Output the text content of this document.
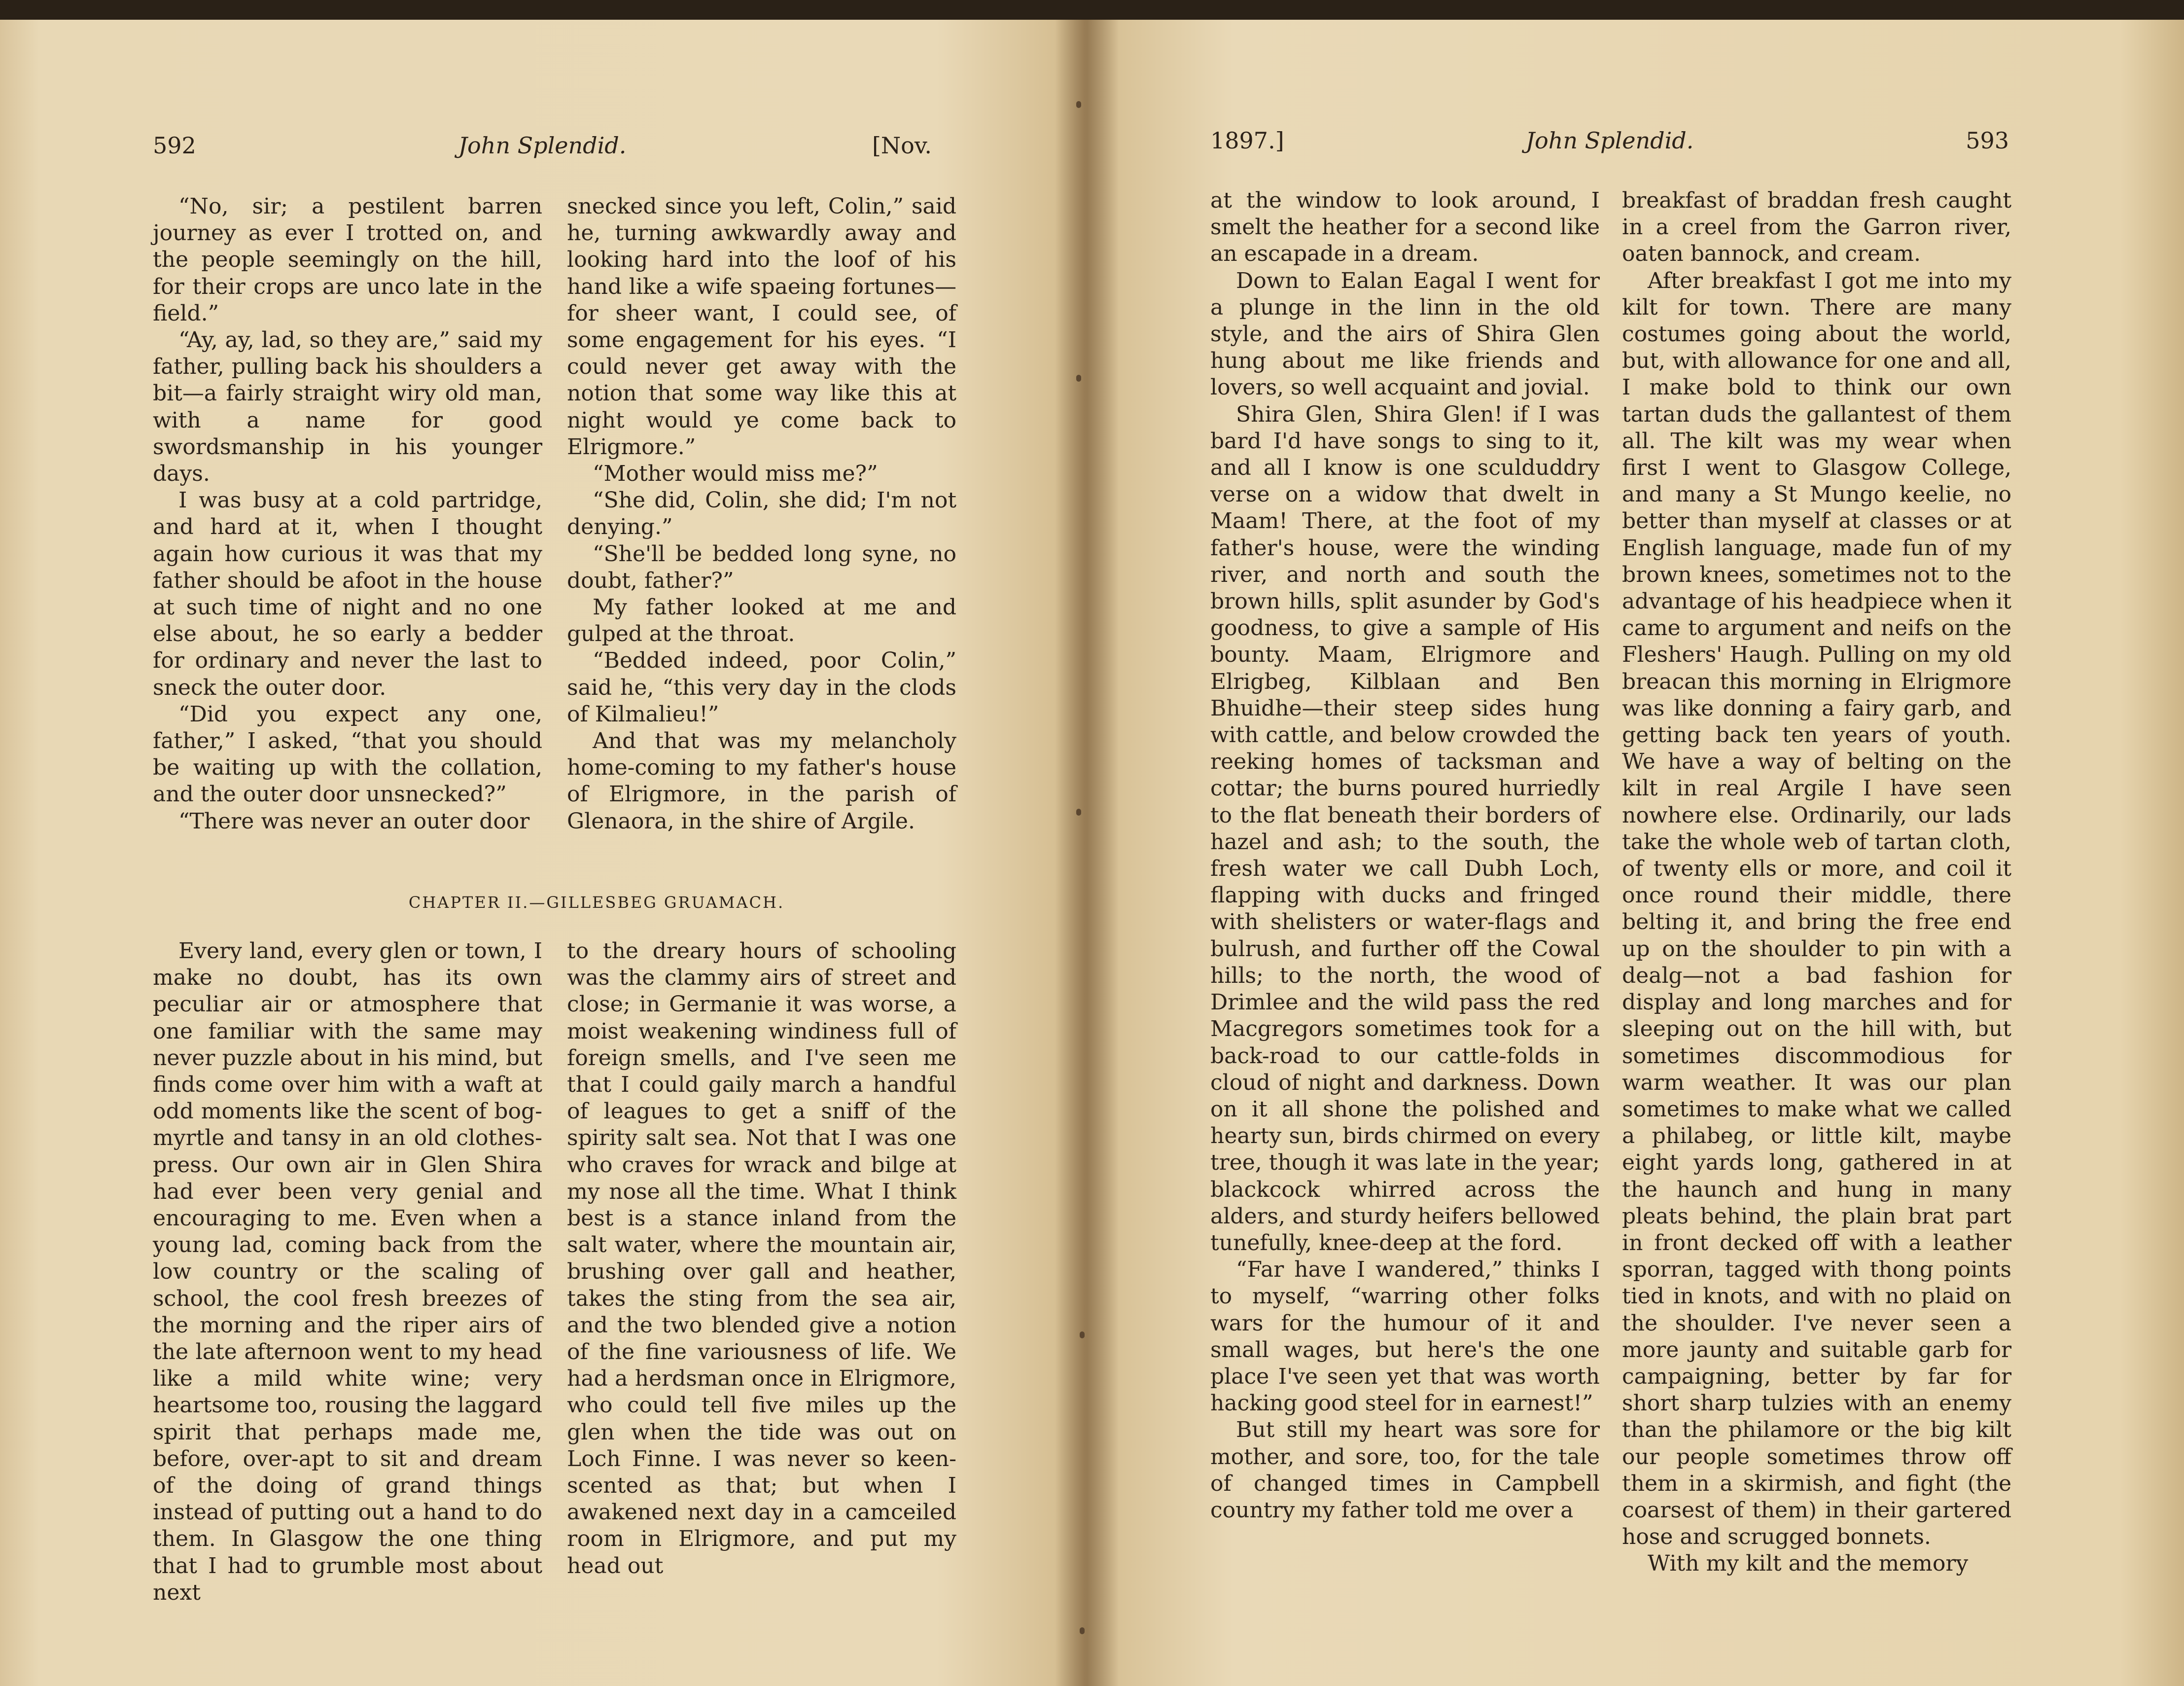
592	John Splendid.	[Nov.

“No, sir; a pestilent barren journey as ever I trotted on, and the people seemingly on the hill, for their crops are unco late in the field.”

“Ay, ay, lad, so they are,” said my father, pulling back his shoulders a bit—a fairly straight wiry old man, with a name for good swordsmanship in his younger days.

I was busy at a cold partridge, and hard at it, when I thought again how curious it was that my father should be afoot in the house at such time of night and no one else about, he so early a bedder for ordinary and never the last to sneck the outer door.

“Did you expect any one, father,” I asked, “that you should be waiting up with the collation, and the outer door unsnecked?”

“There was never an outer door

snecked since you left, Colin,” said he, turning awkwardly away and looking hard into the loof of his hand like a wife spaeing fortunes—for sheer want, I could see, of some engagement for his eyes. “I could never get away with the notion that some way like this at night would ye come back to Elrigmore.”

“Mother would miss me?”

“She did, Colin, she did; I'm not denying.”

“She'll be bedded long syne, no doubt, father?”

My father looked at me and gulped at the throat.

“Bedded indeed, poor Colin,” said he, “this very day in the clods of Kilmalieu!”

And that was my melancholy home-coming to my father's house of Elrigmore, in the parish of Glenaora, in the shire of Argile.

CHAPTER II.—GILLESBEG GRUAMACH.

Every land, every glen or town, I make no doubt, has its own peculiar air or atmosphere that one familiar with the same may never puzzle about in his mind, but finds come over him with a waft at odd moments like the scent of bog-myrtle and tansy in an old clothes-press. Our own air in Glen Shira had ever been very genial and encouraging to me. Even when a young lad, coming back from the low country or the scaling of school, the cool fresh breezes of the morning and the riper airs of the late afternoon went to my head like a mild white wine; very heartsome too, rousing the laggard spirit that perhaps made me, before, over-apt to sit and dream of the doing of grand things instead of putting out a hand to do them. In Glasgow the one thing that I had to grumble most about next

to the dreary hours of schooling was the clammy airs of street and close; in Germanie it was worse, a moist weakening windiness full of foreign smells, and I've seen me that I could gaily march a handful of leagues to get a sniff of the spirity salt sea. Not that I was one who craves for wrack and bilge at my nose all the time. What I think best is a stance inland from the salt water, where the mountain air, brushing over gall and heather, takes the sting from the sea air, and the two blended give a notion of the fine variousness of life. We had a herdsman once in Elrigmore, who could tell five miles up the glen when the tide was out on Loch Finne. I was never so keen-scented as that; but when I awakened next day in a camceiled room in Elrigmore, and put my head out

1897.]	John Splendid.	593

at the window to look around, I smelt the heather for a second like an escapade in a dream.

Down to Ealan Eagal I went for a plunge in the linn in the old style, and the airs of Shira Glen hung about me like friends and lovers, so well acquaint and jovial.

Shira Glen, Shira Glen! if I was bard I'd have songs to sing to it, and all I know is one sculduddry verse on a widow that dwelt in Maam! There, at the foot of my father's house, were the winding river, and north and south the brown hills, split asunder by God's goodness, to give a sample of His bounty. Maam, Elrigmore and Elrigbeg, Kilblaan and Ben Bhuidhe—their steep sides hung with cattle, and below crowded the reeking homes of tacksman and cottar; the burns poured hurriedly to the flat beneath their borders of hazel and ash; to the south, the fresh water we call Dubh Loch, flapping with ducks and fringed with shelisters or water-flags and bulrush, and further off the Cowal hills; to the north, the wood of Drimlee and the wild pass the red Macgregors sometimes took for a back-road to our cattle-folds in cloud of night and darkness. Down on it all shone the polished and hearty sun, birds chirmed on every tree, though it was late in the year; blackcock whirred across the alders, and sturdy heifers bellowed tunefully, knee-deep at the ford.

“Far have I wandered,” thinks I to myself, “warring other folks wars for the humour of it and small wages, but here's the one place I've seen yet that was worth hacking good steel for in earnest!”

But still my heart was sore for mother, and sore, too, for the tale of changed times in Campbell country my father told me over a

breakfast of braddan fresh caught in a creel from the Garron river, oaten bannock, and cream.

After breakfast I got me into my kilt for town. There are many costumes going about the world, but, with allowance for one and all, I make bold to think our own tartan duds the gallantest of them all. The kilt was my wear when first I went to Glasgow College, and many a St Mungo keelie, no better than myself at classes or at English language, made fun of my brown knees, sometimes not to the advantage of his headpiece when it came to argument and neifs on the Fleshers' Haugh. Pulling on my old breacan this morning in Elrigmore was like donning a fairy garb, and getting back ten years of youth. We have a way of belting on the kilt in real Argile I have seen nowhere else. Ordinarily, our lads take the whole web of tartan cloth, of twenty ells or more, and coil it once round their middle, there belting it, and bring the free end up on the shoulder to pin with a dealg—not a bad fashion for display and long marches and for sleeping out on the hill with, but sometimes discommodious for warm weather. It was our plan sometimes to make what we called a philabeg, or little kilt, maybe eight yards long, gathered in at the haunch and hung in many pleats behind, the plain brat part in front decked off with a leather sporran, tagged with thong points tied in knots, and with no plaid on the shoulder. I've never seen a more jaunty and suitable garb for campaigning, better by far for short sharp tulzies with an enemy than the philamore or the big kilt our people sometimes throw off them in a skirmish, and fight (the coarsest of them) in their gartered hose and scrugged bonnets.

With my kilt and the memory
